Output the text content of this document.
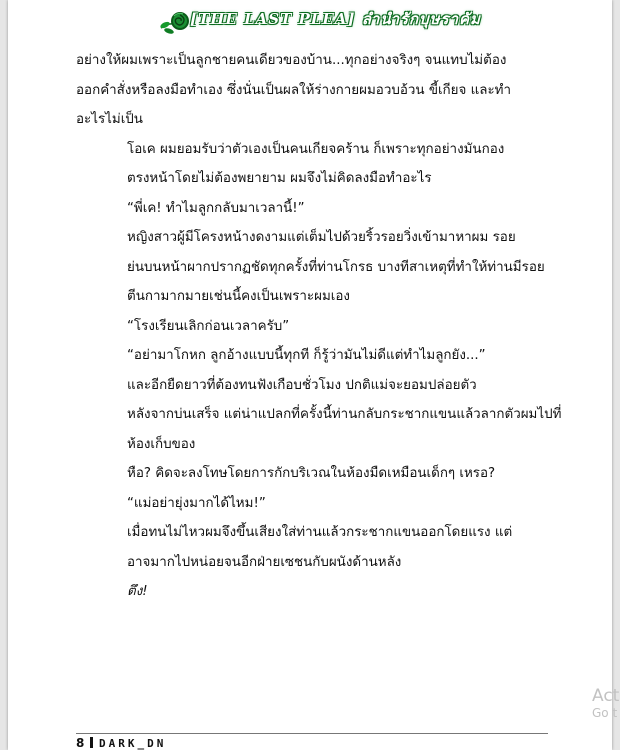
[THE LAST PLEA] ลำนำรักบุษราคัม

อย่างให้ผมเพราะเป็นลูกชายคนเดียวของบ้าน...ทุกอย่างจริงๆ จนแทบไม่ต้อง
ออกคำสั่งหรือลงมือทำเอง ซึ่งนั่นเป็นผลให้ร่างกายผมอวบอ้วน ขี้เกียจ และทำ
อะไรไม่เป็น

โอเค ผมยอมรับว่าตัวเองเป็นคนเกียจคร้าน ก็เพราะทุกอย่างมันกอง
ตรงหน้าโดยไม่ต้องพยายาม ผมจึงไม่คิดลงมือทำอะไร

“พี่เค! ทำไมลูกกลับมาเวลานี้!”

หญิงสาวผู้มีโครงหน้างดงามแต่เต็มไปด้วยริ้วรอยวิ่งเข้ามาหาผม รอย
ย่นบนหน้าผากปรากฏชัดทุกครั้งที่ท่านโกรธ บางทีสาเหตุที่ทำให้ท่านมีรอย
ตีนกามากมายเช่นนี้คงเป็นเพราะผมเอง

“โรงเรียนเลิกก่อนเวลาครับ”

“อย่ามาโกหก ลูกอ้างแบบนี้ทุกที ก็รู้ว่ามันไม่ดีแต่ทำไมลูกยัง...”

และอีกยืดยาวที่ต้องทนฟังเกือบชั่วโมง ปกติแม่จะยอมปล่อยตัว
หลังจากบ่นเสร็จ แต่น่าแปลกที่ครั้งนี้ท่านกลับกระชากแขนแล้วลากตัวผมไปที่
ห้องเก็บของ

หือ? คิดจะลงโทษโดยการกักบริเวณในห้องมืดเหมือนเด็กๆ เหรอ?

“แม่อย่ายุ่งมากได้ไหม!”

เมื่อทนไม่ไหวผมจึงขึ้นเสียงใส่ท่านแล้วกระชากแขนออกโดยแรง แต่
อาจมากไปหน่อยจนอีกฝ่ายเซชนกับผนังด้านหลัง

ตึง!

8 DARK_DN
Act
Go t
